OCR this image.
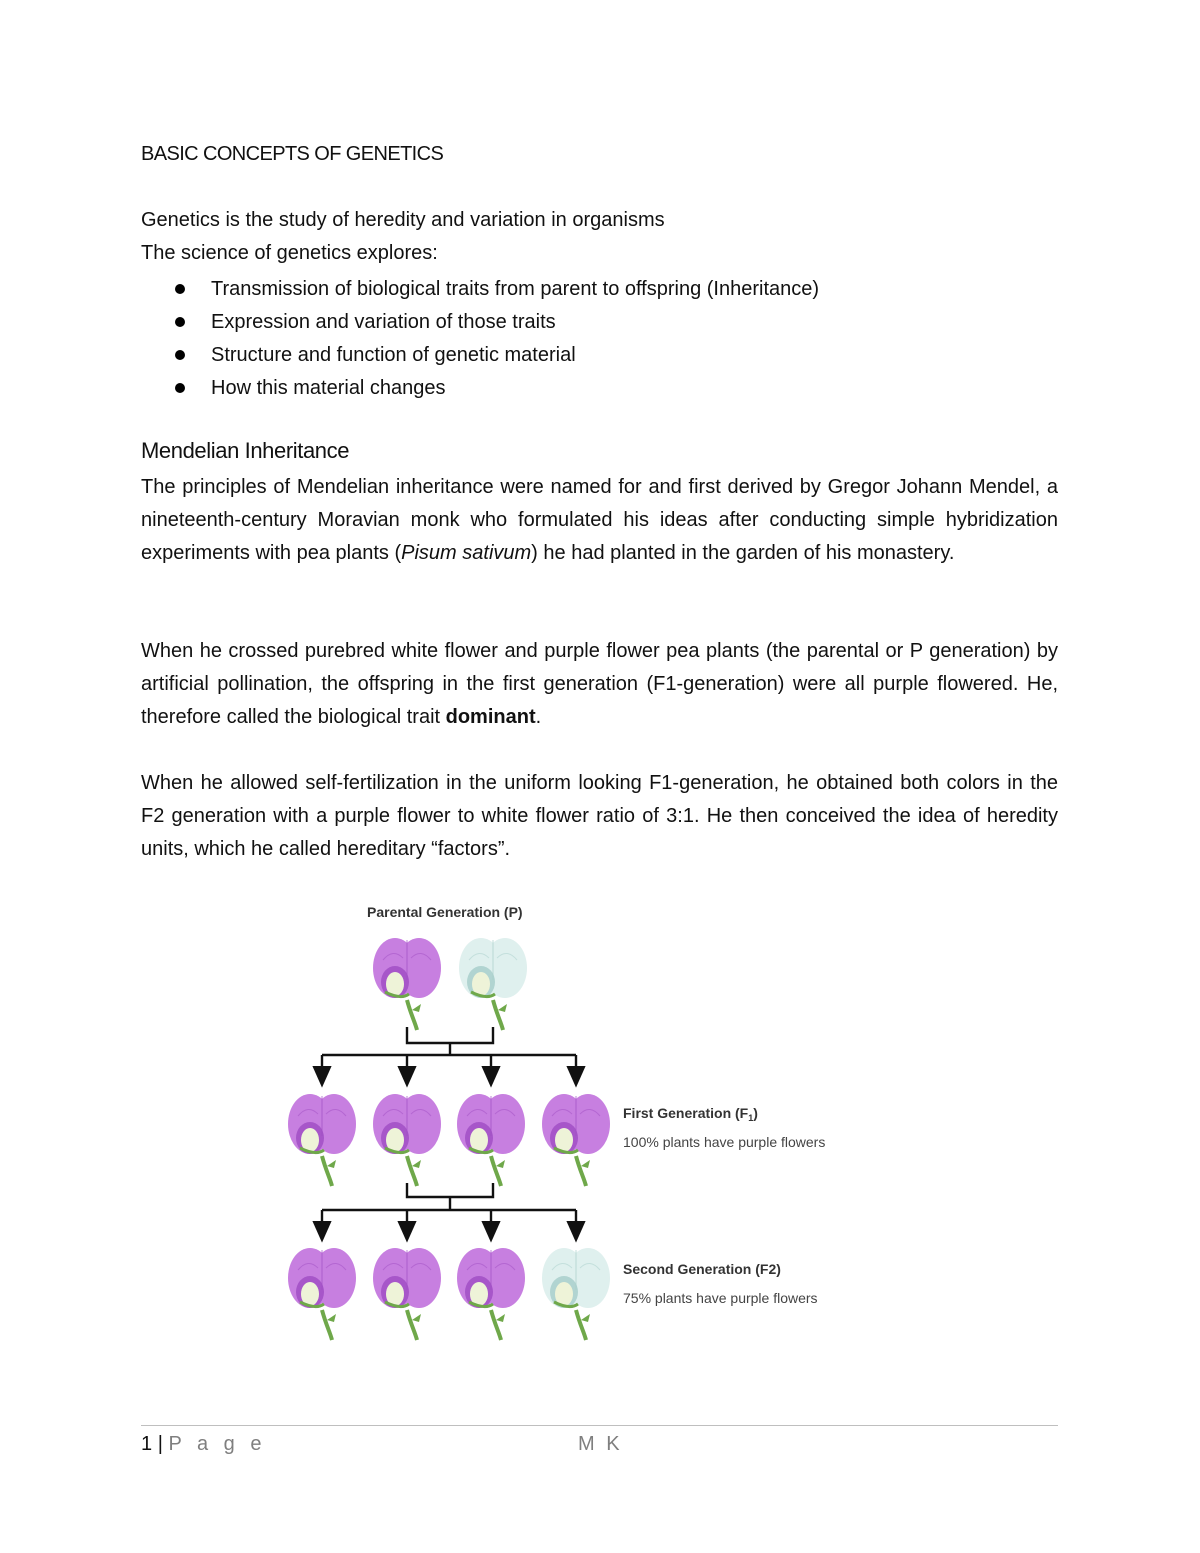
BASIC CONCEPTS OF GENETICS

Genetics is the study of heredity and variation in organisms

The science of genetics explores:

Transmission of biological traits from parent to offspring (Inheritance)
Expression and variation of those traits
Structure and function of genetic material
How this material changes
Mendelian Inheritance

The principles of Mendelian inheritance were named for and first derived by Gregor Johann Mendel, a nineteenth-century Moravian monk who formulated his ideas after conducting simple hybridization experiments with pea plants (Pisum sativum) he had planted in the garden of his monastery.

When he crossed purebred white flower and purple flower pea plants (the parental or P generation) by artificial pollination, the offspring in the first generation (F1-generation) were all purple flowered. He, therefore called the biological trait dominant.

When he allowed self-fertilization in the uniform looking F1-generation, he obtained both colors in the F2 generation with a purple flower to white flower ratio of 3:1. He then conceived the idea of heredity units, which he called hereditary “factors”.

Parental Generation (P)
First Generation $(F_1)$
100% plants have purple flowers
Second Generation (F2)
75% plants have purple flowers
1 | P a g e	M K
